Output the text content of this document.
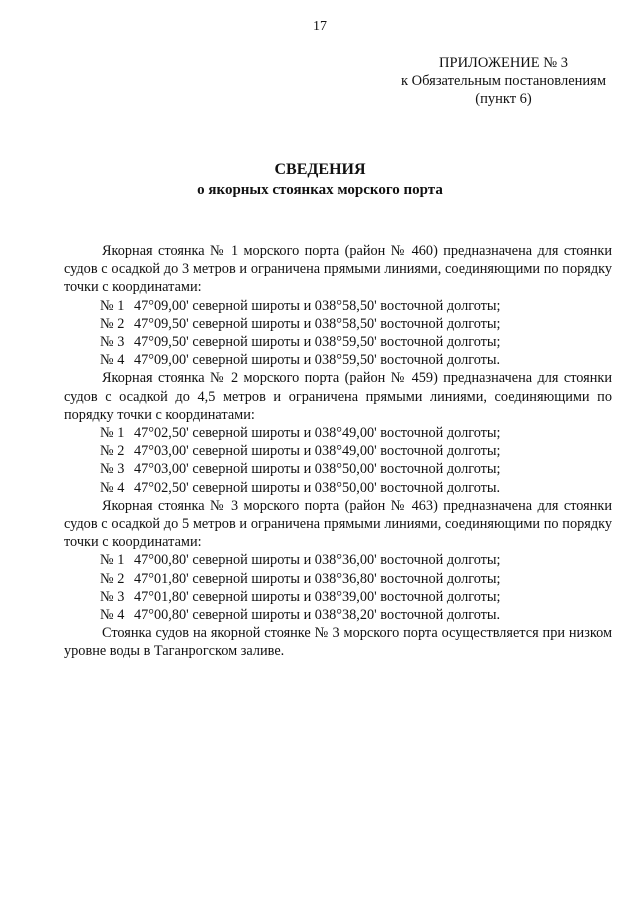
17
ПРИЛОЖЕНИЕ № 3
к Обязательным постановлениям
(пункт 6)
СВЕДЕНИЯ
о якорных стоянках морского порта

Якорная стоянка № 1 морского порта (район № 460) предназначена для стоянки судов с осадкой до 3 метров и ограничена прямыми линиями, соединяющими по порядку точки с координатами:

№ 1 47°09,00' северной широты и 038°58,50' восточной долготы;

№ 2 47°09,50' северной широты и 038°58,50' восточной долготы;

№ 3 47°09,50' северной широты и 038°59,50' восточной долготы;

№ 4 47°09,00' северной широты и 038°59,50' восточной долготы.

Якорная стоянка № 2 морского порта (район № 459) предназначена для стоянки судов с осадкой до 4,5 метров и ограничена прямыми линиями, соединяющими по порядку точки с координатами:

№ 1 47°02,50' северной широты и 038°49,00' восточной долготы;

№ 2 47°03,00' северной широты и 038°49,00' восточной долготы;

№ 3 47°03,00' северной широты и 038°50,00' восточной долготы;

№ 4 47°02,50' северной широты и 038°50,00' восточной долготы.

Якорная стоянка № 3 морского порта (район № 463) предназначена для стоянки судов с осадкой до 5 метров и ограничена прямыми линиями, соединяющими по порядку точки с координатами:

№ 1 47°00,80' северной широты и 038°36,00' восточной долготы;

№ 2 47°01,80' северной широты и 038°36,80' восточной долготы;

№ 3 47°01,80' северной широты и 038°39,00' восточной долготы;

№ 4 47°00,80' северной широты и 038°38,20' восточной долготы.

Стоянка судов на якорной стоянке № 3 морского порта осуществляется при низком уровне воды в Таганрогском заливе.
